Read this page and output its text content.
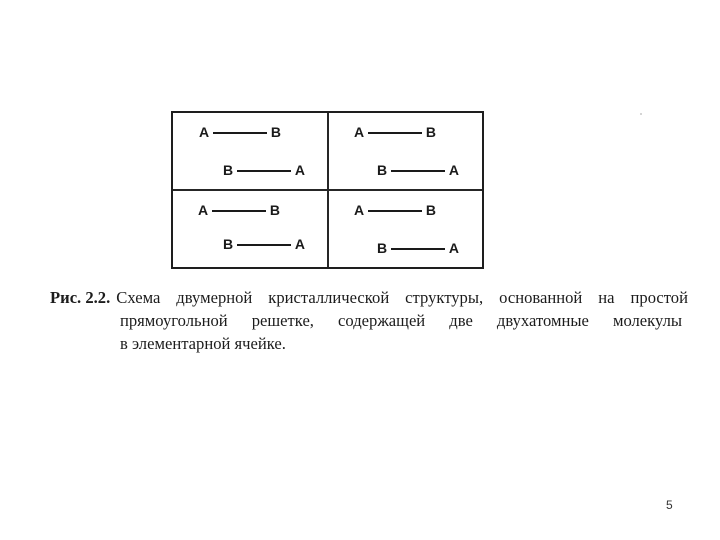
A	B
B	A
A	B
B	A
A	B
B	A
A	B
B	A
Рис. 2.2. Схема двумерной кристаллической структуры, основанной на простой
прямоугольной решетке, содержащей две двухатомные молекулы
в элементарной ячейке.
5
